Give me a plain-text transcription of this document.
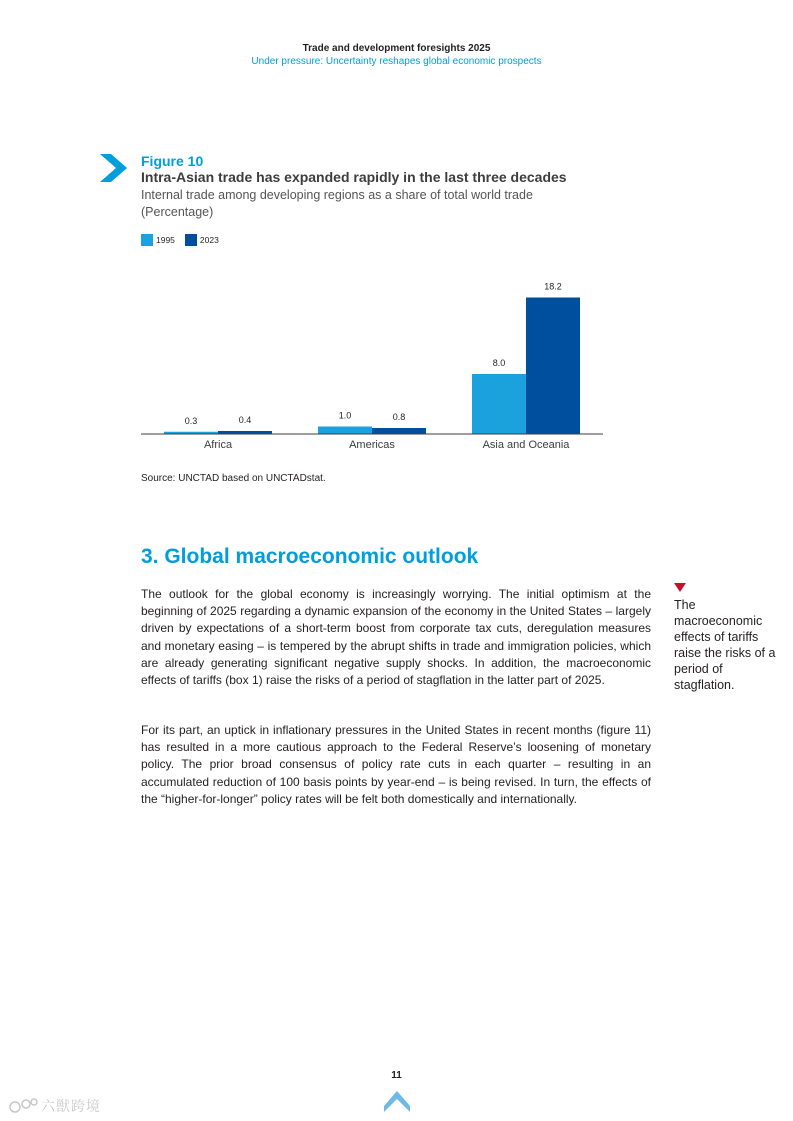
Trade and development foresights 2025
Under pressure: Uncertainty reshapes global economic prospects
Figure 10
Intra-Asian trade has expanded rapidly in the last three decades
Internal trade among developing regions as a share of total world trade
(Percentage)
1995	2023
0.3	0.4
Africa
1.0	0.8
Americas
8.0
18.2
Asia and Oceania
Source: UNCTAD based on UNCTADstat.
3. Global macroeconomic outlook

The outlook for the global economy is increasingly worrying. The initial optimism at the beginning of 2025 regarding a dynamic expansion of the economy in the United States – largely driven by expectations of a short-term boost from corporate tax cuts, deregulation measures and monetary easing – is tempered by the abrupt shifts in trade and immigration policies, which are already generating significant negative supply shocks. In addition, the macroeconomic effects of tariffs (box 1) raise the risks of a period of stagflation in the latter part of 2025.

For its part, an uptick in inflationary pressures in the United States in recent months (figure 11) has resulted in a more cautious approach to the Federal Reserve’s loosening of monetary policy. The prior broad consensus of policy rate cuts in each quarter – resulting in an accumulated reduction of 100 basis points by year-end – is being revised. In turn, the effects of the “higher-for-longer” policy rates will be felt both domestically and internationally.

The macroeconomic effects of tariffs raise the risks of a period of stagflation.
11
六獣跨境
